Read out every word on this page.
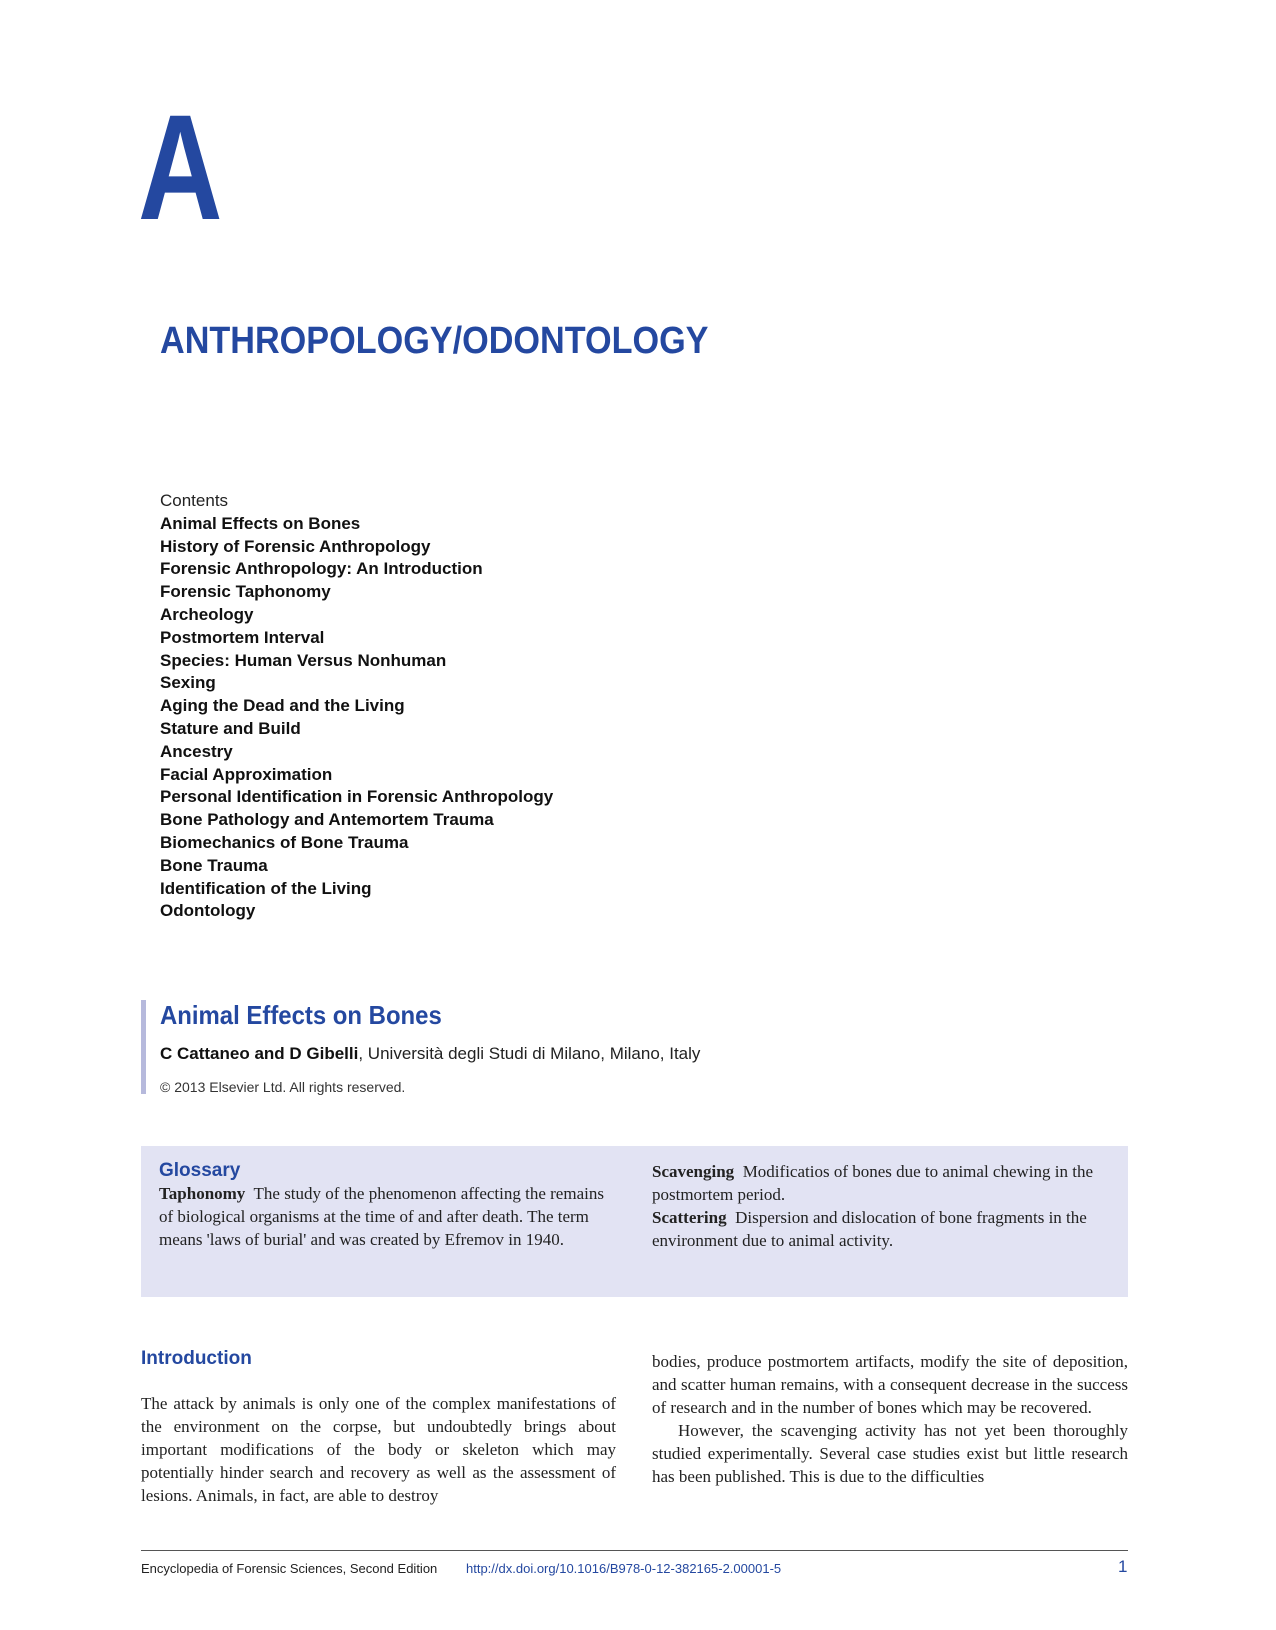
A
ANTHROPOLOGY/ODONTOLOGY
Contents
Animal Effects on Bones
History of Forensic Anthropology
Forensic Anthropology: An Introduction
Forensic Taphonomy
Archeology
Postmortem Interval
Species: Human Versus Nonhuman
Sexing
Aging the Dead and the Living
Stature and Build
Ancestry
Facial Approximation
Personal Identification in Forensic Anthropology
Bone Pathology and Antemortem Trauma
Biomechanics of Bone Trauma
Bone Trauma
Identification of the Living
Odontology
Animal Effects on Bones
C Cattaneo and D Gibelli, Università degli Studi di Milano, Milano, Italy
© 2013 Elsevier Ltd. All rights reserved.
Glossary
Taphonomy The study of the phenomenon affecting the remains of biological organisms at the time of and after death. The term means 'laws of burial' and was created by Efremov in 1940.
Scavenging Modificatios of bones due to animal chewing in the postmortem period.
Scattering Dispersion and dislocation of bone fragments in the environment due to animal activity.
Introduction

The attack by animals is only one of the complex manifestations of the environment on the corpse, but undoubtedly brings about important modifications of the body or skeleton which may potentially hinder search and recovery as well as the assessment of lesions. Animals, in fact, are able to destroy

bodies, produce postmortem artifacts, modify the site of deposition, and scatter human remains, with a consequent decrease in the success of research and in the number of bones which may be recovered.

However, the scavenging activity has not yet been thoroughly studied experimentally. Several case studies exist but little research has been published. This is due to the difficulties

Encyclopedia of Forensic Sciences, Second Edition http://dx.doi.org/10.1016/B978-0-12-382165-2.00001-5	1
